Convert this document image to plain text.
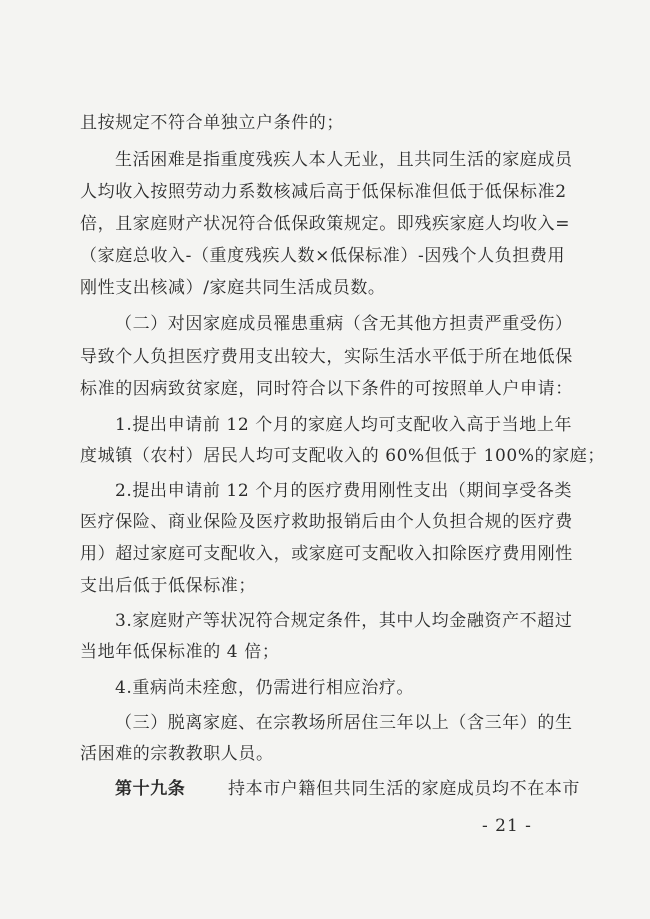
且按规定不符合单独立户条件的；
生活困难是指重度残疾人本人无业，且共同生活的家庭成员
人均收入按照劳动力系数核减后高于低保标准但低于低保标准2
倍，且家庭财产状况符合低保政策规定。即残疾家庭人均收入=
（家庭总收入-（重度残疾人数×低保标准）-因残个人负担费用
刚性支出核减）/家庭共同生活成员数。
（二）对因家庭成员罹患重病（含无其他方担责严重受伤）
导致个人负担医疗费用支出较大，实际生活水平低于所在地低保
标准的因病致贫家庭，同时符合以下条件的可按照单人户申请：
1.提出申请前 12 个月的家庭人均可支配收入高于当地上年
度城镇（农村）居民人均可支配收入的 60%但低于 100%的家庭；
2.提出申请前 12 个月的医疗费用刚性支出（期间享受各类
医疗保险、商业保险及医疗救助报销后由个人负担合规的医疗费
用）超过家庭可支配收入，或家庭可支配收入扣除医疗费用刚性
支出后低于低保标准；
3.家庭财产等状况符合规定条件，其中人均金融资产不超过
当地年低保标准的 4 倍；
4.重病尚未痊愈，仍需进行相应治疗。
（三）脱离家庭、在宗教场所居住三年以上（含三年）的生
活困难的宗教教职人员。
第十九条	持本市户籍但共同生活的家庭成员均不在本市
- 21 -
